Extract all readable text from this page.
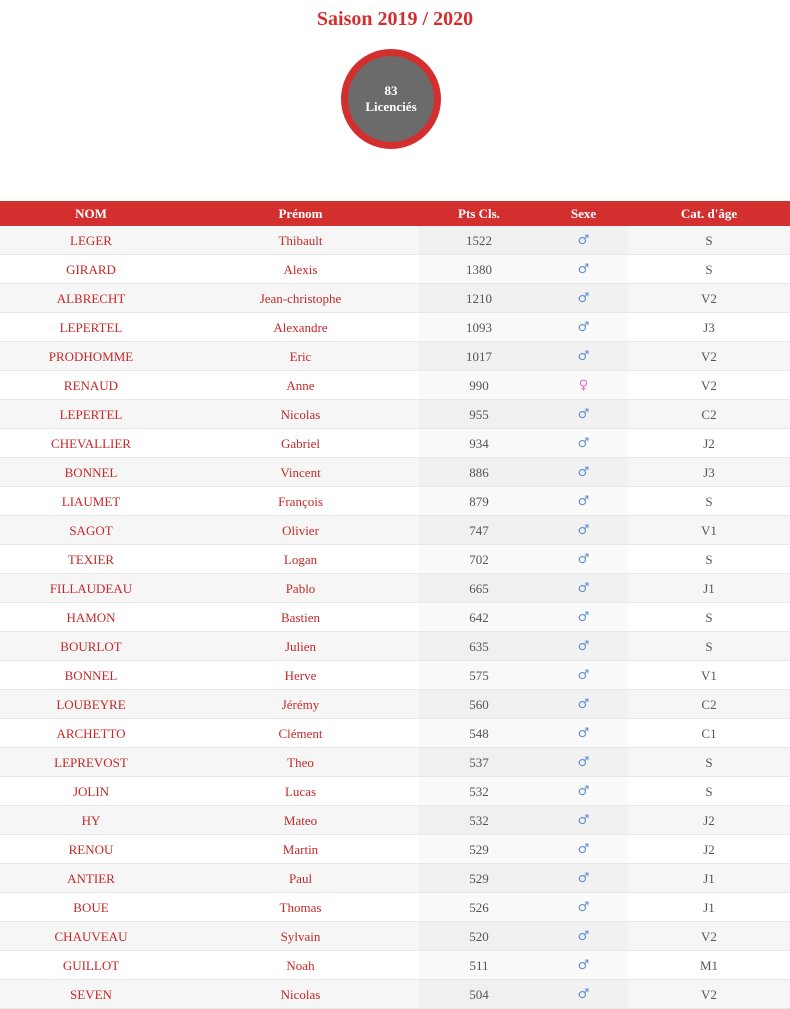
Saison 2019 / 2020
83
Licenciés
NOM	Prénom	Pts Cls.	Sexe	Cat. d'âge
LEGER	Thibault	1522	♂	S
GIRARD	Alexis	1380	♂	S
ALBRECHT	Jean-christophe	1210	♂	V2
LEPERTEL	Alexandre	1093	♂	J3
PRODHOMME	Eric	1017	♂	V2
RENAUD	Anne	990	♀	V2
LEPERTEL	Nicolas	955	♂	C2
CHEVALLIER	Gabriel	934	♂	J2
BONNEL	Vincent	886	♂	J3
LIAUMET	François	879	♂	S
SAGOT	Olivier	747	♂	V1
TEXIER	Logan	702	♂	S
FILLAUDEAU	Pablo	665	♂	J1
HAMON	Bastien	642	♂	S
BOURLOT	Julien	635	♂	S
BONNEL	Herve	575	♂	V1
LOUBEYRE	Jérémy	560	♂	C2
ARCHETTO	Clément	548	♂	C1
LEPREVOST	Theo	537	♂	S
JOLIN	Lucas	532	♂	S
HY	Mateo	532	♂	J2
RENOU	Martin	529	♂	J2
ANTIER	Paul	529	♂	J1
BOUE	Thomas	526	♂	J1
CHAUVEAU	Sylvain	520	♂	V2
GUILLOT	Noah	511	♂	M1
SEVEN	Nicolas	504	♂	V2
